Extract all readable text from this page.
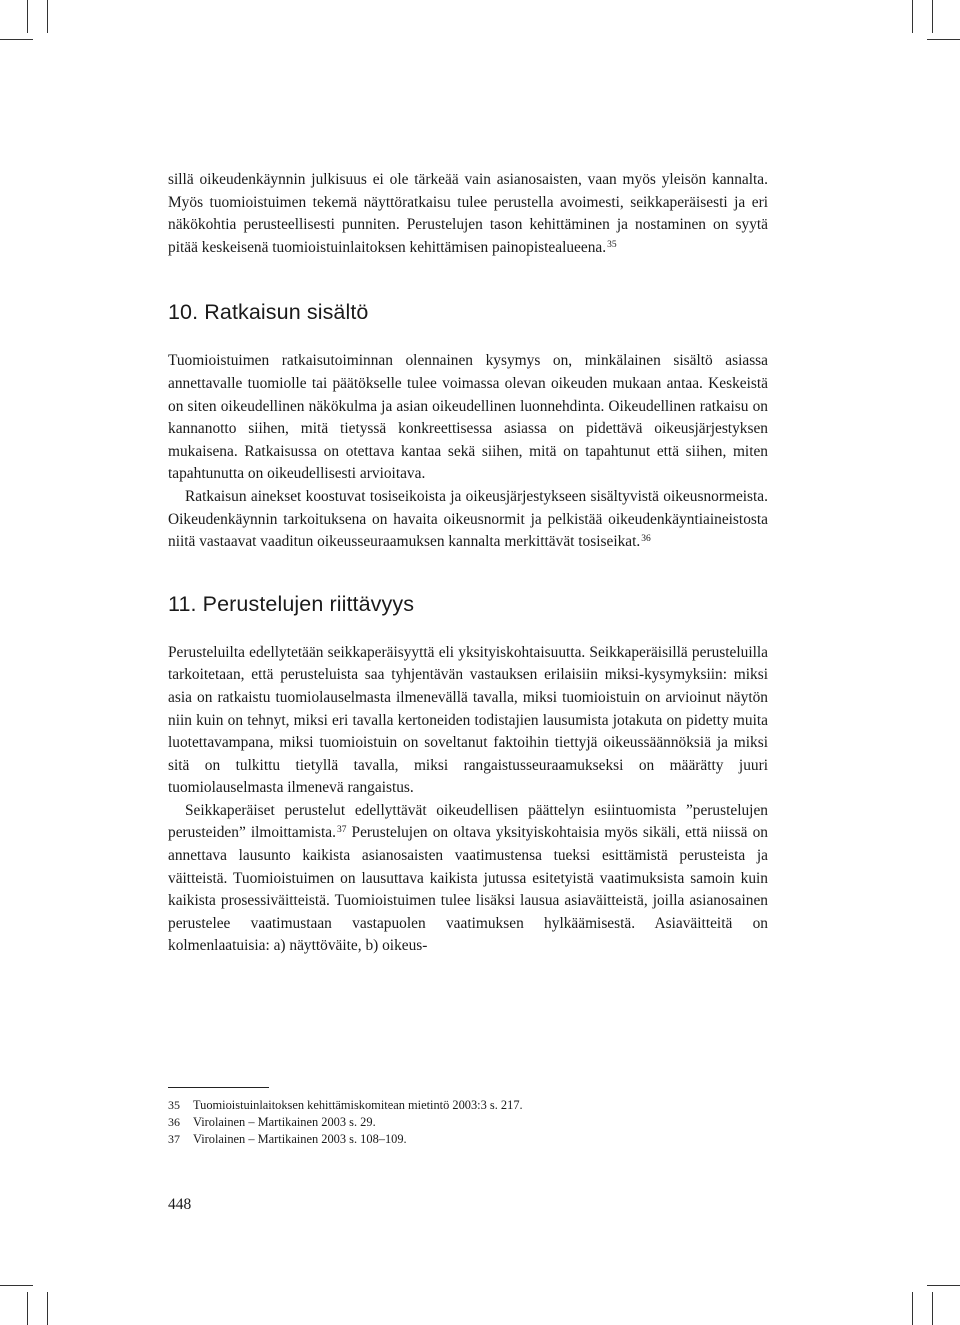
sillä oikeudenkäynnin julkisuus ei ole tärkeää vain asianosaisten, vaan myös yleisön kannalta. Myös tuomioistuimen tekemä näyttöratkaisu tulee perustella avoimesti, seikkaperäisesti ja eri näkökohtia perusteellisesti punniten. Perustelujen tason kehittäminen ja nostaminen on syytä pitää keskeisenä tuomioistuinlaitoksen kehittämisen painopistealueena.$^{35}$

10. Ratkaisun sisältö

Tuomioistuimen ratkaisutoiminnan olennainen kysymys on, minkälainen sisältö asiassa annettavalle tuomiolle tai päätökselle tulee voimassa olevan oikeuden mukaan antaa. Keskeistä on siten oikeudellinen näkökulma ja asian oikeudellinen luonnehdinta. Oikeudellinen ratkaisu on kannanotto siihen, mitä tietyssä konkreettisessa asiassa on pidettävä oikeusjärjestyksen mukaisena. Ratkaisussa on otettava kantaa sekä siihen, mitä on tapahtunut että siihen, miten tapahtunutta on oikeudellisesti arvioitava.

Ratkaisun ainekset koostuvat tosiseikoista ja oikeusjärjestykseen sisältyvistä oikeusnormeista. Oikeudenkäynnin tarkoituksena on havaita oikeusnormit ja pelkistää oikeudenkäyntiaineistosta niitä vastaavat vaaditun oikeusseuraamuksen kannalta merkittävät tosiseikat.$^{36}$

11. Perustelujen riittävyys

Perusteluilta edellytetään seikkaperäisyyttä eli yksityiskohtaisuutta. Seikkaperäisillä perusteluilla tarkoitetaan, että perusteluista saa tyhjentävän vastauksen erilaisiin miksi-kysymyksiin: miksi asia on ratkaistu tuomiolauselmasta ilmenevällä tavalla, miksi tuomioistuin on arvioinut näytön niin kuin on tehnyt, miksi eri tavalla kertoneiden todistajien lausumista jotakuta on pidetty muita luotettavampana, miksi tuomioistuin on soveltanut faktoihin tiettyjä oikeussäännöksiä ja miksi sitä on tulkittu tietyllä tavalla, miksi rangaistusseuraamukseksi on määrätty juuri tuomiolauselmasta ilmenevä rangaistus.

Seikkaperäiset perustelut edellyttävät oikeudellisen päättelyn esiintuomista ”perustelujen perusteiden” ilmoittamista.$^{37}$ Perustelujen on oltava yksityiskohtaisia myös sikäli, että niissä on annettava lausunto kaikista asianosaisten vaatimustensa tueksi esittämistä perusteista ja väitteistä. Tuomioistuimen on lausuttava kaikista jutussa esitetyistä vaatimuksista samoin kuin kaikista prosessiväitteistä. Tuomioistuimen tulee lisäksi lausua asiaväitteistä, joilla asianosainen perustelee vaatimustaan vastapuolen vaatimuksen hylkäämisestä. Asiaväitteitä on kolmenlaatuisia: a) näyttöväite, b) oikeus-

35 Tuomioistuinlaitoksen kehittämiskomitean mietintö 2003:3 s. 217.
36 Virolainen – Martikainen 2003 s. 29.
37 Virolainen – Martikainen 2003 s. 108–109.
448
